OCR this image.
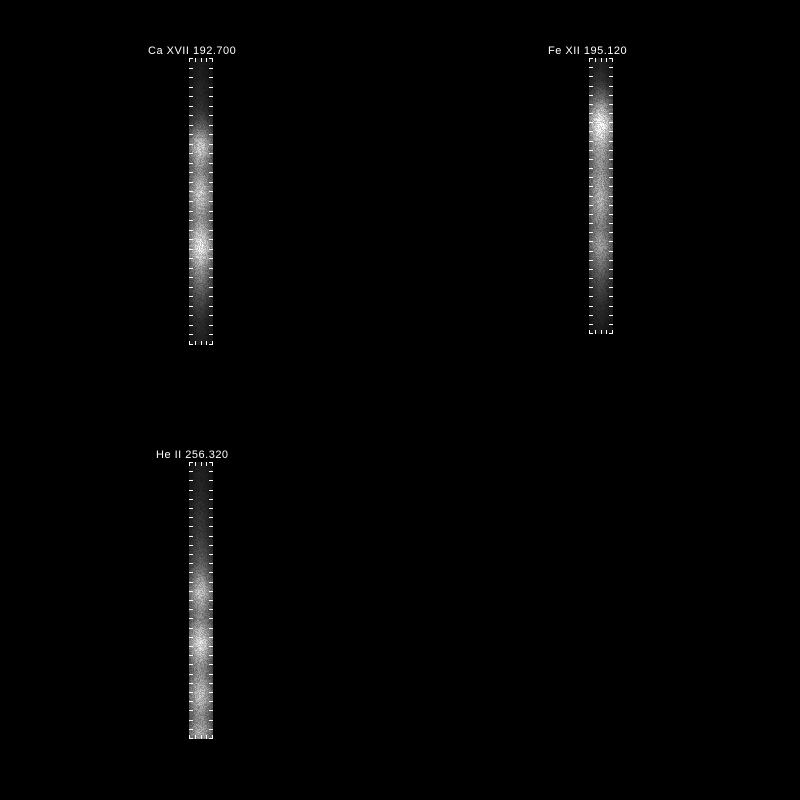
Ca XVII 192.700	Fe XII 195.120
He II 256.320
